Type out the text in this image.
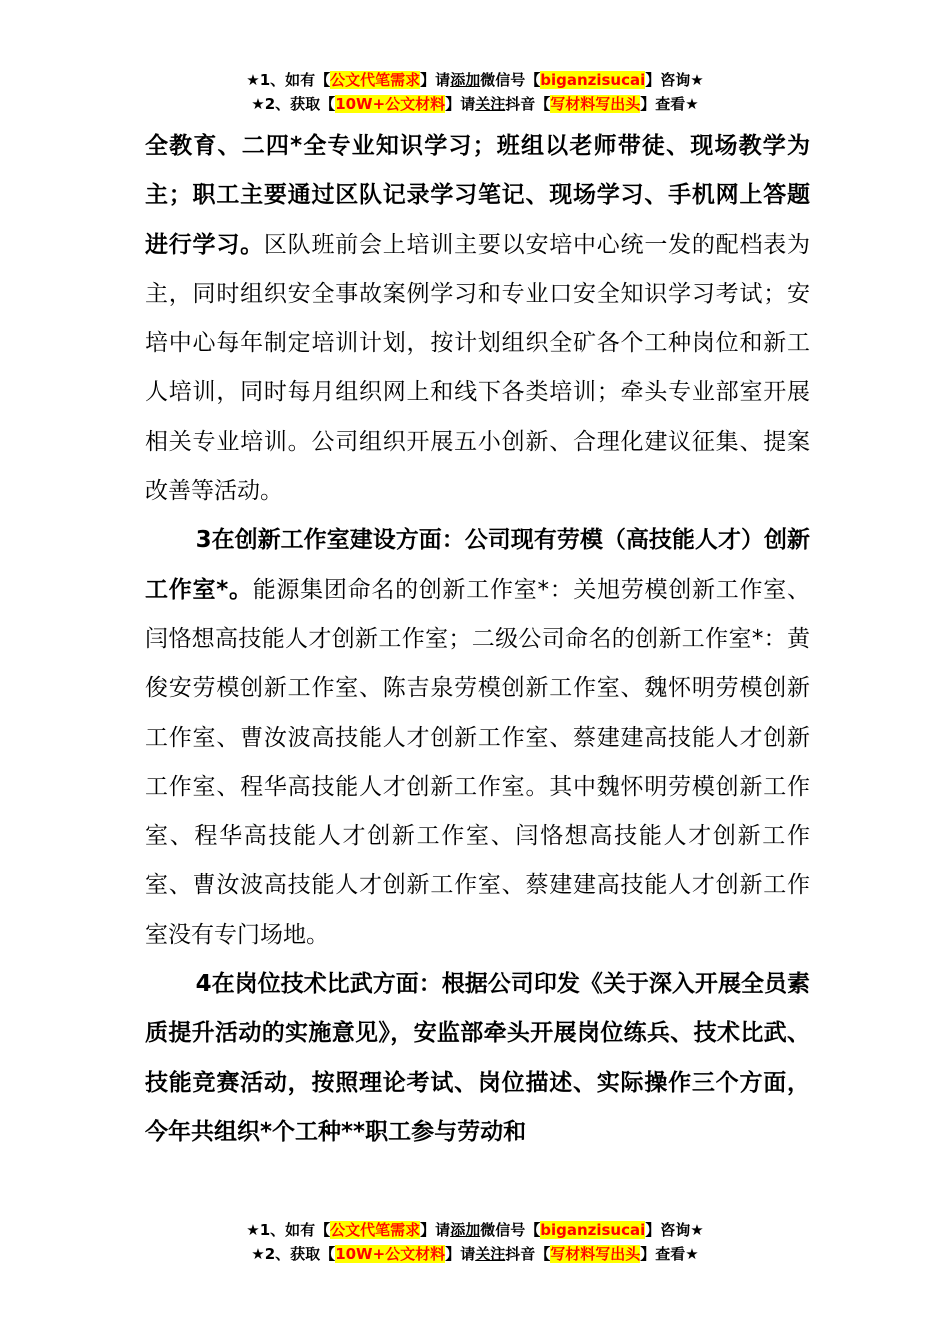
★1、如有【公文代笔需求】请添加微信号【biganzisucai】咨询★
★2、获取【10W+公文材料】请关注抖音【写材料写出头】查看★

全教育、二四*全专业知识学习；班组以老师带徒、现场教学为主；职工主要通过区队记录学习笔记、现场学习、手机网上答题进行学习。区队班前会上培训主要以安培中心统一发的配档表为主，同时组织安全事故案例学习和专业口安全知识学习考试；安培中心每年制定培训计划，按计划组织全矿各个工种岗位和新工人培训，同时每月组织网上和线下各类培训；牵头专业部室开展相关专业培训。公司组织开展五小创新、合理化建议征集、提案改善等活动。

3在创新工作室建设方面：公司现有劳模（高技能人才）创新工作室*。能源集团命名的创新工作室*：关旭劳模创新工作室、闫恪想高技能人才创新工作室；二级公司命名的创新工作室*：黄俊安劳模创新工作室、陈吉泉劳模创新工作室、魏怀明劳模创新工作室、曹汝波高技能人才创新工作室、蔡建建高技能人才创新工作室、程华高技能人才创新工作室。其中魏怀明劳模创新工作室、程华高技能人才创新工作室、闫恪想高技能人才创新工作室、曹汝波高技能人才创新工作室、蔡建建高技能人才创新工作室没有专门场地。

4在岗位技术比武方面：根据公司印发《关于深入开展全员素质提升活动的实施意见》，安监部牵头开展岗位练兵、技术比武、技能竞赛活动，按照理论考试、岗位描述、实际操作三个方面，今年共组织*个工种**职工参与劳动和

★1、如有【公文代笔需求】请添加微信号【biganzisucai】咨询★
★2、获取【10W+公文材料】请关注抖音【写材料写出头】查看★
